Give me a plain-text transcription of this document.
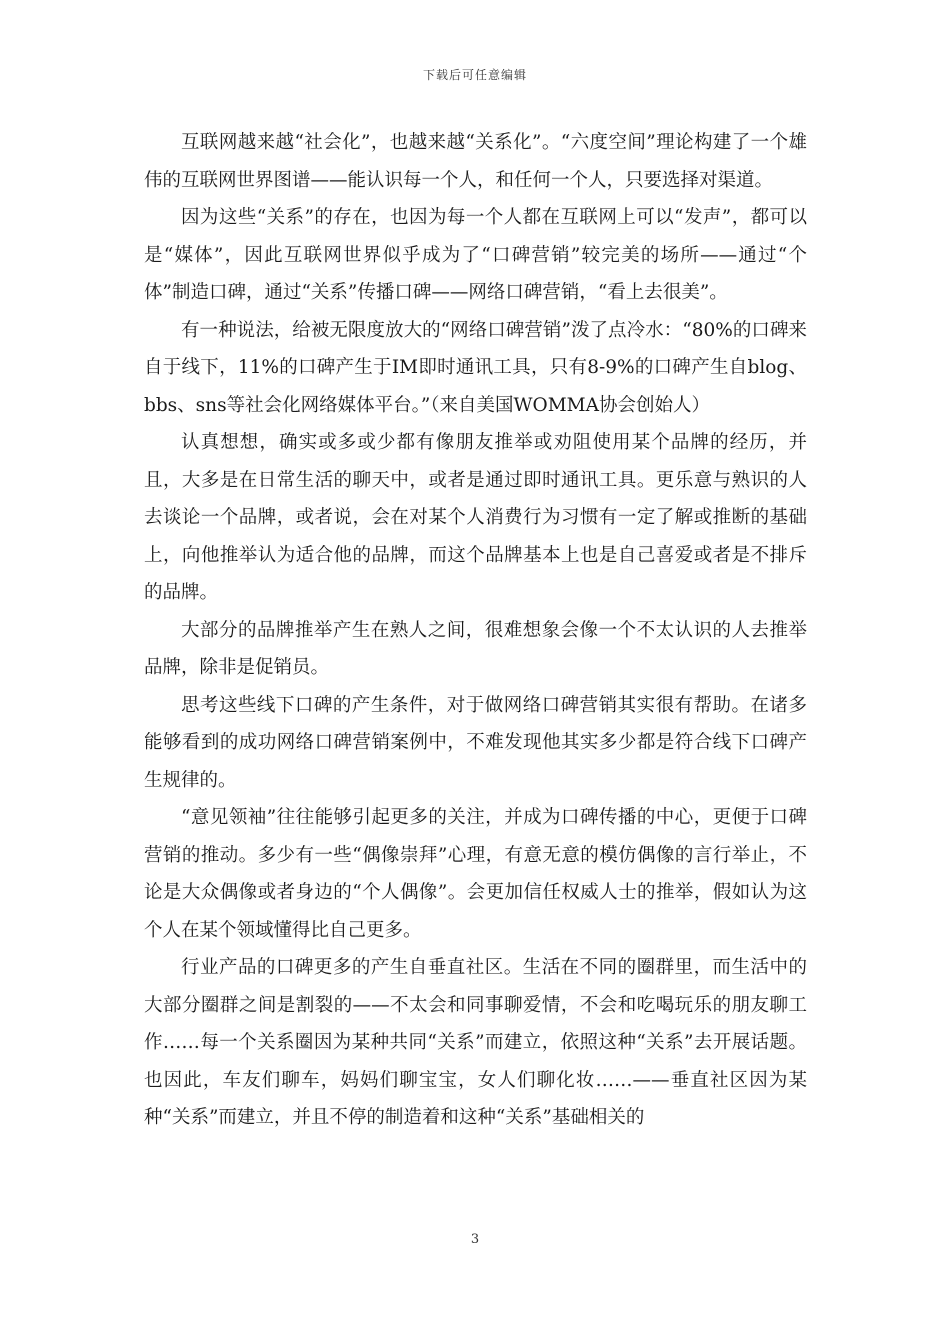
下载后可任意编辑

互联网越来越“社会化”，也越来越“关系化”。“六度空间”理论构建了一个雄伟的互联网世界图谱——能认识每一个人，和任何一个人，只要选择对渠道。

因为这些“关系”的存在，也因为每一个人都在互联网上可以“发声”，都可以是“媒体”，因此互联网世界似乎成为了“口碑营销”较完美的场所——通过“个体”制造口碑，通过“关系”传播口碑——网络口碑营销，“看上去很美”。

有一种说法，给被无限度放大的“网络口碑营销”泼了点冷水：“80%的口碑来自于线下，11%的口碑产生于IM即时通讯工具，只有8-9%的口碑产生自blog、bbs、sns等社会化网络媒体平台。”（来自美国WOMMA协会创始人）

认真想想，确实或多或少都有像朋友推举或劝阻使用某个品牌的经历，并且，大多是在日常生活的聊天中，或者是通过即时通讯工具。更乐意与熟识的人去谈论一个品牌，或者说，会在对某个人消费行为习惯有一定了解或推断的基础上，向他推举认为适合他的品牌，而这个品牌基本上也是自己喜爱或者是不排斥的品牌。

大部分的品牌推举产生在熟人之间，很难想象会像一个不太认识的人去推举品牌，除非是促销员。

思考这些线下口碑的产生条件，对于做网络口碑营销其实很有帮助。在诸多能够看到的成功网络口碑营销案例中，不难发现他其实多少都是符合线下口碑产生规律的。

“意见领袖”往往能够引起更多的关注，并成为口碑传播的中心，更便于口碑营销的推动。多少有一些“偶像崇拜”心理，有意无意的模仿偶像的言行举止，不论是大众偶像或者身边的“个人偶像”。会更加信任权威人士的推举，假如认为这个人在某个领域懂得比自己更多。

行业产品的口碑更多的产生自垂直社区。生活在不同的圈群里，而生活中的大部分圈群之间是割裂的——不太会和同事聊爱情，不会和吃喝玩乐的朋友聊工作……每一个关系圈因为某种共同“关系”而建立，依照这种“关系”去开展话题。也因此，车友们聊车，妈妈们聊宝宝，女人们聊化妆……——垂直社区因为某种“关系”而建立，并且不停的制造着和这种“关系”基础相关的

3
